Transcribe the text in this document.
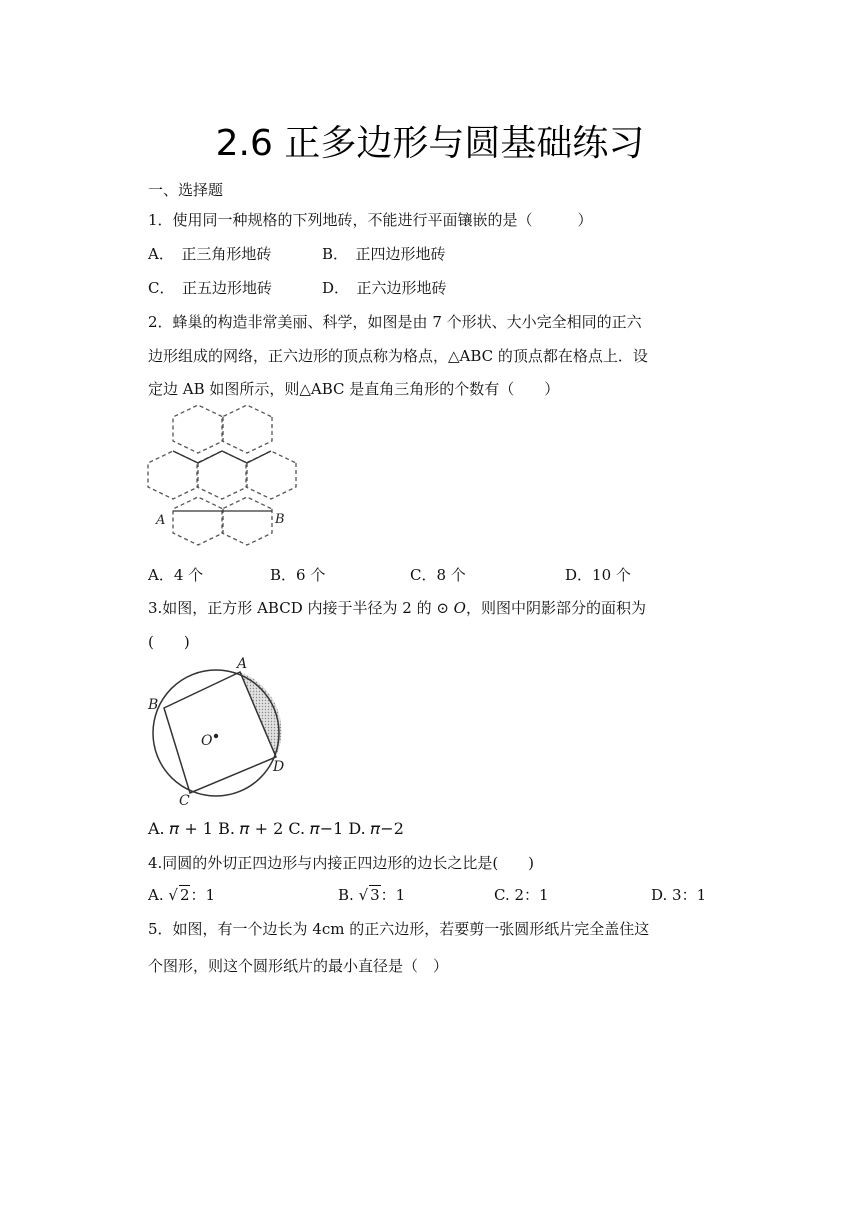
2.6 正多边形与圆基础练习
一、选择题
1．使用同一种规格的下列地砖，不能进行平面镶嵌的是（　　　）
A．　正三角形地砖	B．　正四边形地砖
C．　正五边形地砖	D．　正六边形地砖
2．蜂巢的构造非常美丽、科学，如图是由 7 个形状、大小完全相同的正六
边形组成的网络，正六边形的顶点称为格点，△ABC 的顶点都在格点上．设
定边 AB 如图所示，则△ABC 是直角三角形的个数有（　　）
A	B
A．4 个	B．6 个	C．8 个	D．10 个
3.如图，正方形 ABCD 内接于半径为 2 的 ⊙ 𝑂，则图中阴影部分的面积为
(　　)
A
B
C
D
O
A. 𝜋 + 1 B. 𝜋 + 2 C. 𝜋−1 D. 𝜋−2
4.同圆的外切正四边形与内接正四边形的边长之比是(　　)
A. √ 2：1	B. √ 3：1	C. 2：1	D. 3：1
5．如图，有一个边长为 4cm 的正六边形，若要剪一张圆形纸片完全盖住这
个图形，则这个圆形纸片的最小直径是（　）
